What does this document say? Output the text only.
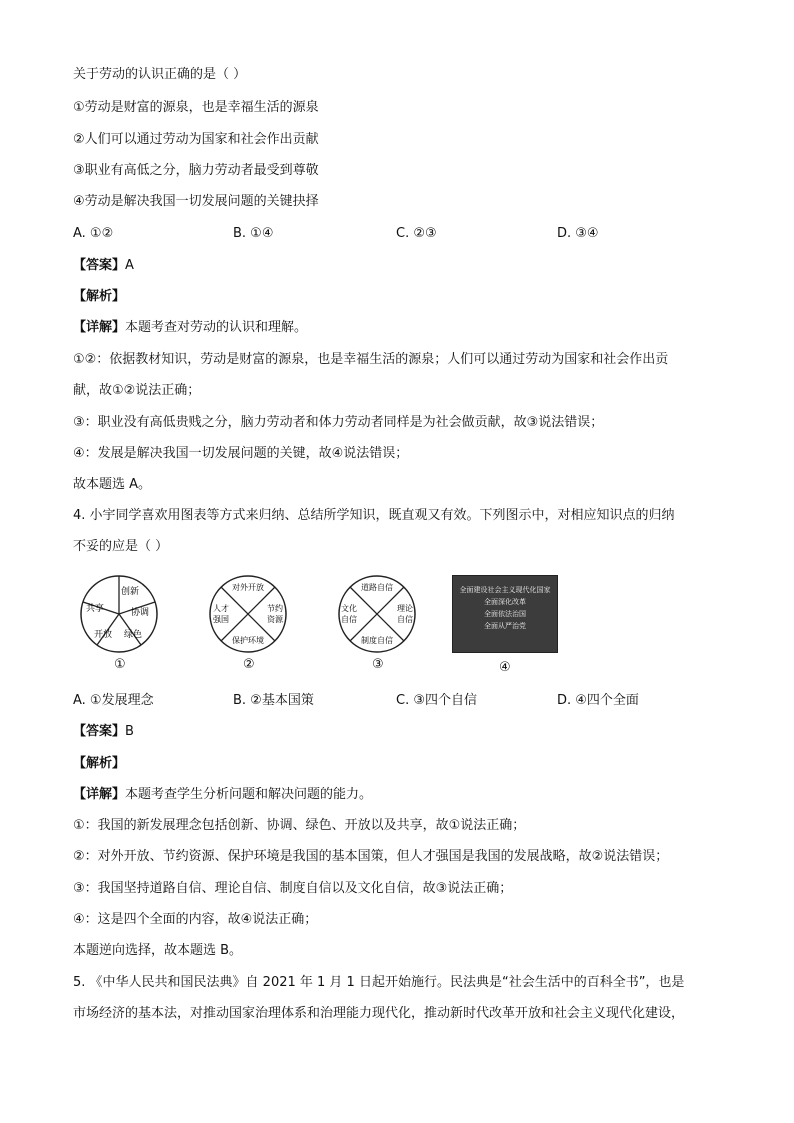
关于劳动的认识正确的是（ ）
①劳动是财富的源泉，也是幸福生活的源泉
②人们可以通过劳动为国家和社会作出贡献
③职业有高低之分，脑力劳动者最受到尊敬
④劳动是解决我国一切发展问题的关键抉择
A. ①②	B. ①④	C. ②③	D. ③④
【答案】A
【解析】
【详解】本题考查对劳动的认识和理解。
①②：依据教材知识，劳动是财富的源泉，也是幸福生活的源泉；人们可以通过劳动为国家和社会作出贡
献，故①②说法正确；
③：职业没有高低贵贱之分，脑力劳动者和体力劳动者同样是为社会做贡献，故③说法错误；
④：发展是解决我国一切发展问题的关键，故④说法错误；
故本题选 A。
4. 小宇同学喜欢用图表等方式来归纳、总结所学知识，既直观又有效。下列图示中，对相应知识点的归纳
不妥的应是（ ）
创新
协调
绿色
开放
共享
①
对外开放
人才
强国
节约
资源
保护环境
②
道路自信
文化
自信
理论
自信
制度自信
③
全面建设社会主义现代化国家
全面深化改革
全面依法治国
全面从严治党
④
A. ①发展理念	B. ②基本国策	C. ③四个自信	D. ④四个全面
【答案】B
【解析】
【详解】本题考查学生分析问题和解决问题的能力。
①：我国的新发展理念包括创新、协调、绿色、开放以及共享，故①说法正确；
②：对外开放、节约资源、保护环境是我国的基本国策，但人才强国是我国的发展战略，故②说法错误；
③：我国坚持道路自信、理论自信、制度自信以及文化自信，故③说法正确；
④：这是四个全面的内容，故④说法正确；
本题逆向选择，故本题选 B。
5. 《中华人民共和国民法典》自 2021 年 1 月 1 日起开始施行。民法典是“社会生活中的百科全书”，也是
市场经济的基本法，对推动国家治理体系和治理能力现代化，推动新时代改革开放和社会主义现代化建设，
